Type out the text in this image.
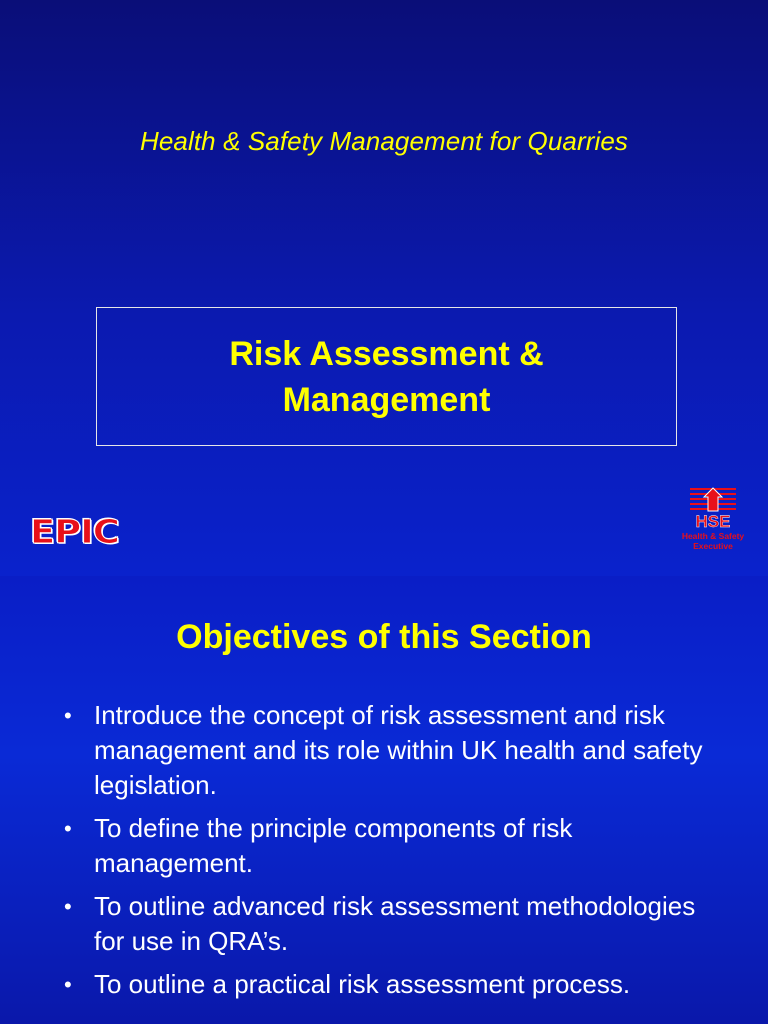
Health & Safety Management for Quarries
Risk Assessment &
Management
EPIC	HSE
Health & Safety
Executive
Objectives of this Section
• Introduce the concept of risk assessment and risk management and its role within UK health and safety legislation.
• To define the principle components of risk management.
• To outline advanced risk assessment methodologies for use in QRA’s.
• To outline a practical risk assessment process.
